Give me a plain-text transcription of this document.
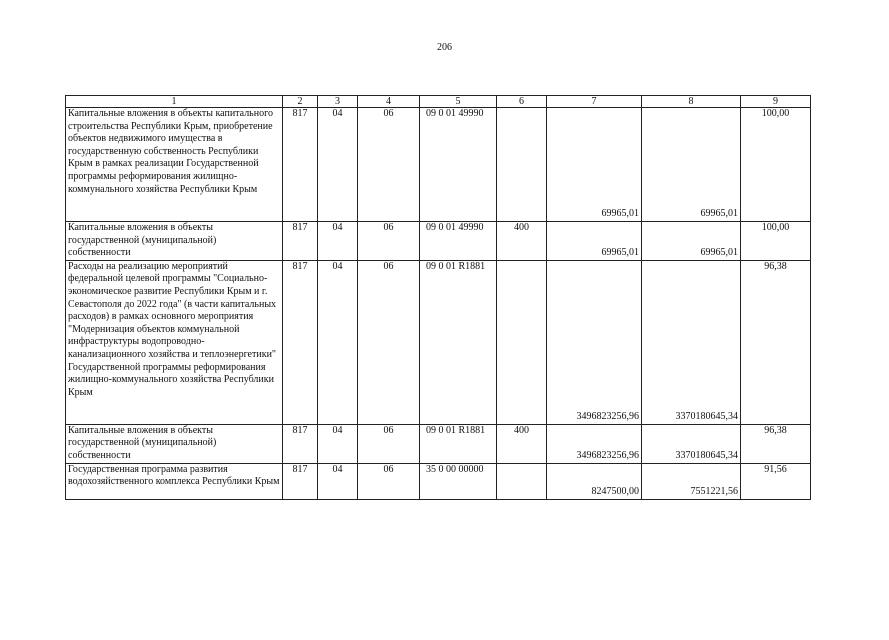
206
1	2	3	4	5	6	7	8	9
Капитальные вложения в объекты капитального строительства Республики Крым, приобретение объектов недвижимого имущества в государственную собственность Республики Крым в рамках реализации Государственной программы реформирования жилищно-коммунального хозяйства Республики Крым	817	04	06	09 0 01 49990		69965,01	69965,01	100,00
Капитальные вложения в объекты государственной (муниципальной) собственности	817	04	06	09 0 01 49990	400	69965,01	69965,01	100,00
Расходы на реализацию мероприятий федеральной целевой программы "Социально-экономическое развитие Республики Крым и г. Севастополя до 2022 года" (в части капитальных расходов) в рамках основного мероприятия "Модернизация объектов коммунальной инфраструктуры водопроводно-канализационного хозяйства и теплоэнергетики" Государственной программы реформирования жилищно-коммунального хозяйства Республики Крым	817	04	06	09 0 01 R1881		3496823256,96	3370180645,34	96,38
Капитальные вложения в объекты государственной (муниципальной) собственности	817	04	06	09 0 01 R1881	400	3496823256,96	3370180645,34	96,38
Государственная программа развития водохозяйственного комплекса Республики Крым	817	04	06	35 0 00 00000		8247500,00	7551221,56	91,56
